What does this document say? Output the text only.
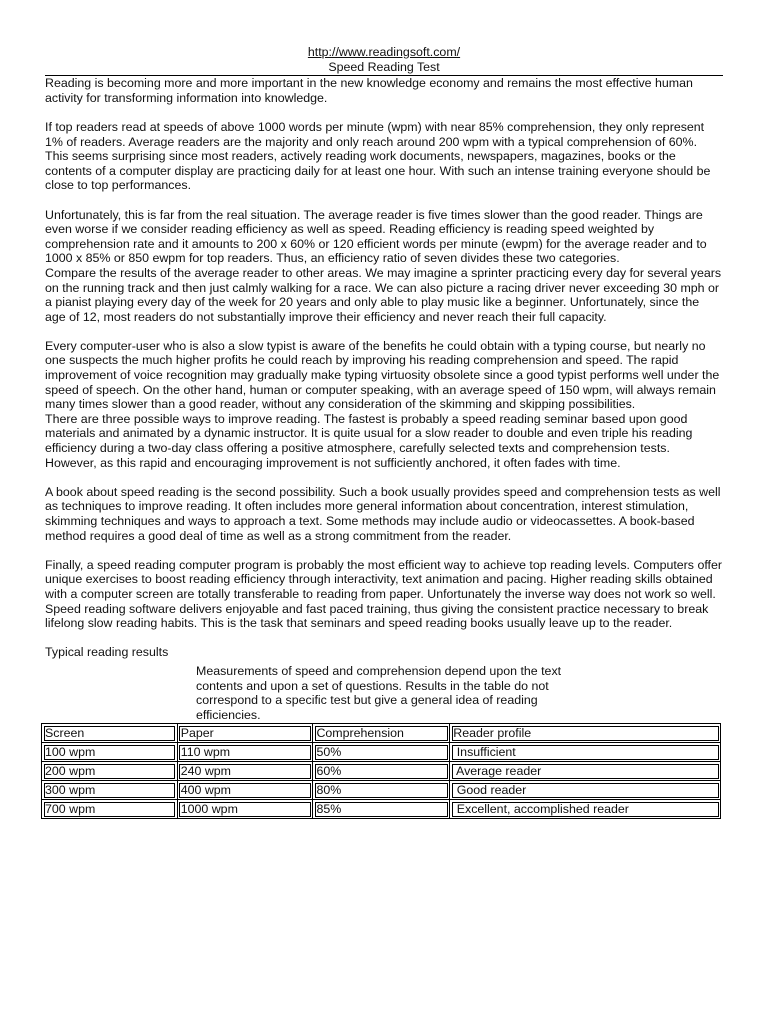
http://www.readingsoft.com/
Speed Reading Test

Reading is becoming more and more important in the new knowledge economy and remains the most effective human activity for transforming information into knowledge.

If top readers read at speeds of above 1000 words per minute (wpm) with near 85% comprehension, they only represent 1% of readers. Average readers are the majority and only reach around 200 wpm with a typical comprehension of 60%. This seems surprising since most readers, actively reading work documents, newspapers, magazines, books or the contents of a computer display are practicing daily for at least one hour. With such an intense training everyone should be close to top performances.

Unfortunately, this is far from the real situation. The average reader is five times slower than the good reader. Things are even worse if we consider reading efficiency as well as speed. Reading efficiency is reading speed weighted by comprehension rate and it amounts to 200 x 60% or 120 efficient words per minute (ewpm) for the average reader and to 1000 x 85% or 850 ewpm for top readers. Thus, an efficiency ratio of seven divides these two categories.

Compare the results of the average reader to other areas. We may imagine a sprinter practicing every day for several years on the running track and then just calmly walking for a race. We can also picture a racing driver never exceeding 30 mph or a pianist playing every day of the week for 20 years and only able to play music like a beginner. Unfortunately, since the age of 12, most readers do not substantially improve their efficiency and never reach their full capacity.

Every computer-user who is also a slow typist is aware of the benefits he could obtain with a typing course, but nearly no one suspects the much higher profits he could reach by improving his reading comprehension and speed. The rapid improvement of voice recognition may gradually make typing virtuosity obsolete since a good typist performs well under the speed of speech. On the other hand, human or computer speaking, with an average speed of 150 wpm, will always remain many times slower than a good reader, without any consideration of the skimming and skipping possibilities.

There are three possible ways to improve reading. The fastest is probably a speed reading seminar based upon good materials and animated by a dynamic instructor. It is quite usual for a slow reader to double and even triple his reading efficiency during a two-day class offering a positive atmosphere, carefully selected texts and comprehension tests. However, as this rapid and encouraging improvement is not sufficiently anchored, it often fades with time.

A book about speed reading is the second possibility. Such a book usually provides speed and comprehension tests as well as techniques to improve reading. It often includes more general information about concentration, interest stimulation, skimming techniques and ways to approach a text. Some methods may include audio or videocassettes. A book-based method requires a good deal of time as well as a strong commitment from the reader.

Finally, a speed reading computer program is probably the most efficient way to achieve top reading levels. Computers offer unique exercises to boost reading efficiency through interactivity, text animation and pacing. Higher reading skills obtained with a computer screen are totally transferable to reading from paper. Unfortunately the inverse way does not work so well. Speed reading software delivers enjoyable and fast paced training, thus giving the consistent practice necessary to break lifelong slow reading habits. This is the task that seminars and speed reading books usually leave up to the reader.

Typical reading results

Measurements of speed and comprehension depend upon the text contents and upon a set of questions. Results in the table do not correspond to a specific test but give a general idea of reading efficiencies.

Screen	Paper	Comprehension	Reader profile
100 wpm	110 wpm	50%	Insufficient
200 wpm	240 wpm	60%	Average reader
300 wpm	400 wpm	80%	Good reader
700 wpm	1000 wpm	85%	Excellent, accomplished reader
